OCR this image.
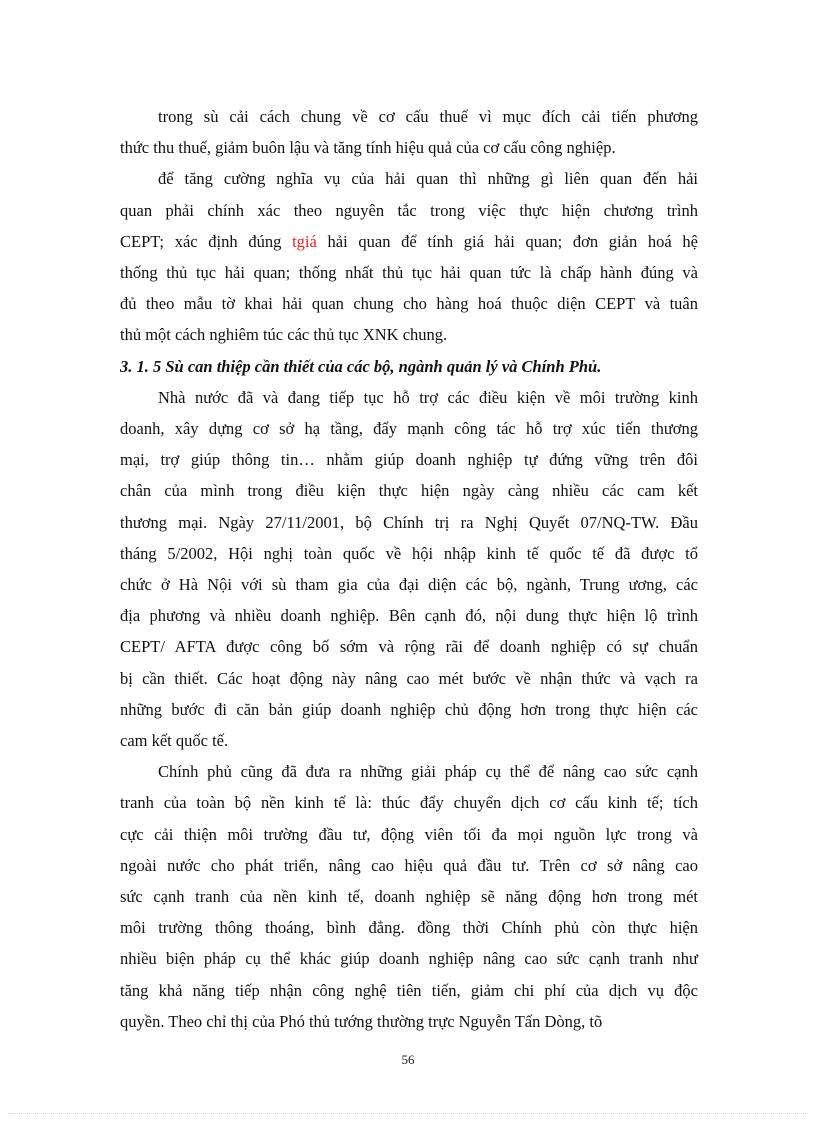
trong sù cải cách chung về cơ cấu thuế vì mục đích cải tiến phương
thức thu thuế, giảm buôn lậu và tăng tính hiệu quả của cơ cấu công nghiệp.
để tăng cường nghĩa vụ của hải quan thì những gì liên quan đến hải
quan phải chính xác theo nguyên tắc trong việc thực hiện chương trình
CEPT; xác định đúng tgiá hải quan để tính giá hải quan; đơn giản hoá hệ
thống thủ tục hải quan; thống nhất thủ tục hải quan tức là chấp hành đúng và
đủ theo mẫu tờ khai hải quan chung cho hàng hoá thuộc diện CEPT và tuân
thủ một cách nghiêm túc các thủ tục XNK chung.

3. 1. 5 Sù can thiệp cần thiết của các bộ, ngành quản lý và Chính Phủ.

Nhà nước đã và đang tiếp tục hỗ trợ các điều kiện về môi trường kinh
doanh, xây dựng cơ sở hạ tầng, đẩy mạnh công tác hỗ trợ xúc tiến thương
mại, trợ giúp thông tin… nhằm giúp doanh nghiệp tự đứng vững trên đôi
chân của mình trong điều kiện thực hiện ngày càng nhiều các cam kết
thương mại. Ngày 27/11/2001, bộ Chính trị ra Nghị Quyết 07/NQ-TW. Đầu
tháng 5/2002, Hội nghị toàn quốc về hội nhập kinh tế quốc tế đã được tổ
chức ở Hà Nội với sù tham gia của đại diện các bộ, ngành, Trung ương, các
địa phương và nhiều doanh nghiệp. Bên cạnh đó, nội dung thực hiện lộ trình
CEPT/ AFTA được công bố sớm và rộng rãi để doanh nghiệp có sự chuẩn
bị cần thiết. Các hoạt động này nâng cao mét bước về nhận thức và vạch ra
những bước đi căn bản giúp doanh nghiệp chủ động hơn trong thực hiện các
cam kết quốc tế.
Chính phủ cũng đã đưa ra những giải pháp cụ thể để nâng cao sức cạnh
tranh của toàn bộ nền kinh tế là: thúc đẩy chuyển dịch cơ cấu kinh tế; tích
cực cải thiện môi trường đầu tư, động viên tối đa mọi nguồn lực trong và
ngoài nước cho phát triển, nâng cao hiệu quả đầu tư. Trên cơ sở nâng cao
sức cạnh tranh của nền kinh tế, doanh nghiệp sẽ năng động hơn trong mét
môi trường thông thoáng, bình đẳng. đồng thời Chính phủ còn thực hiện
nhiều biện pháp cụ thể khác giúp doanh nghiệp nâng cao sức cạnh tranh như
tăng khả năng tiếp nhận công nghệ tiên tiến, giảm chi phí của dịch vụ độc
quyền. Theo chỉ thị của Phó thủ tướng thường trực Nguyễn Tấn Dòng, tõ
56
